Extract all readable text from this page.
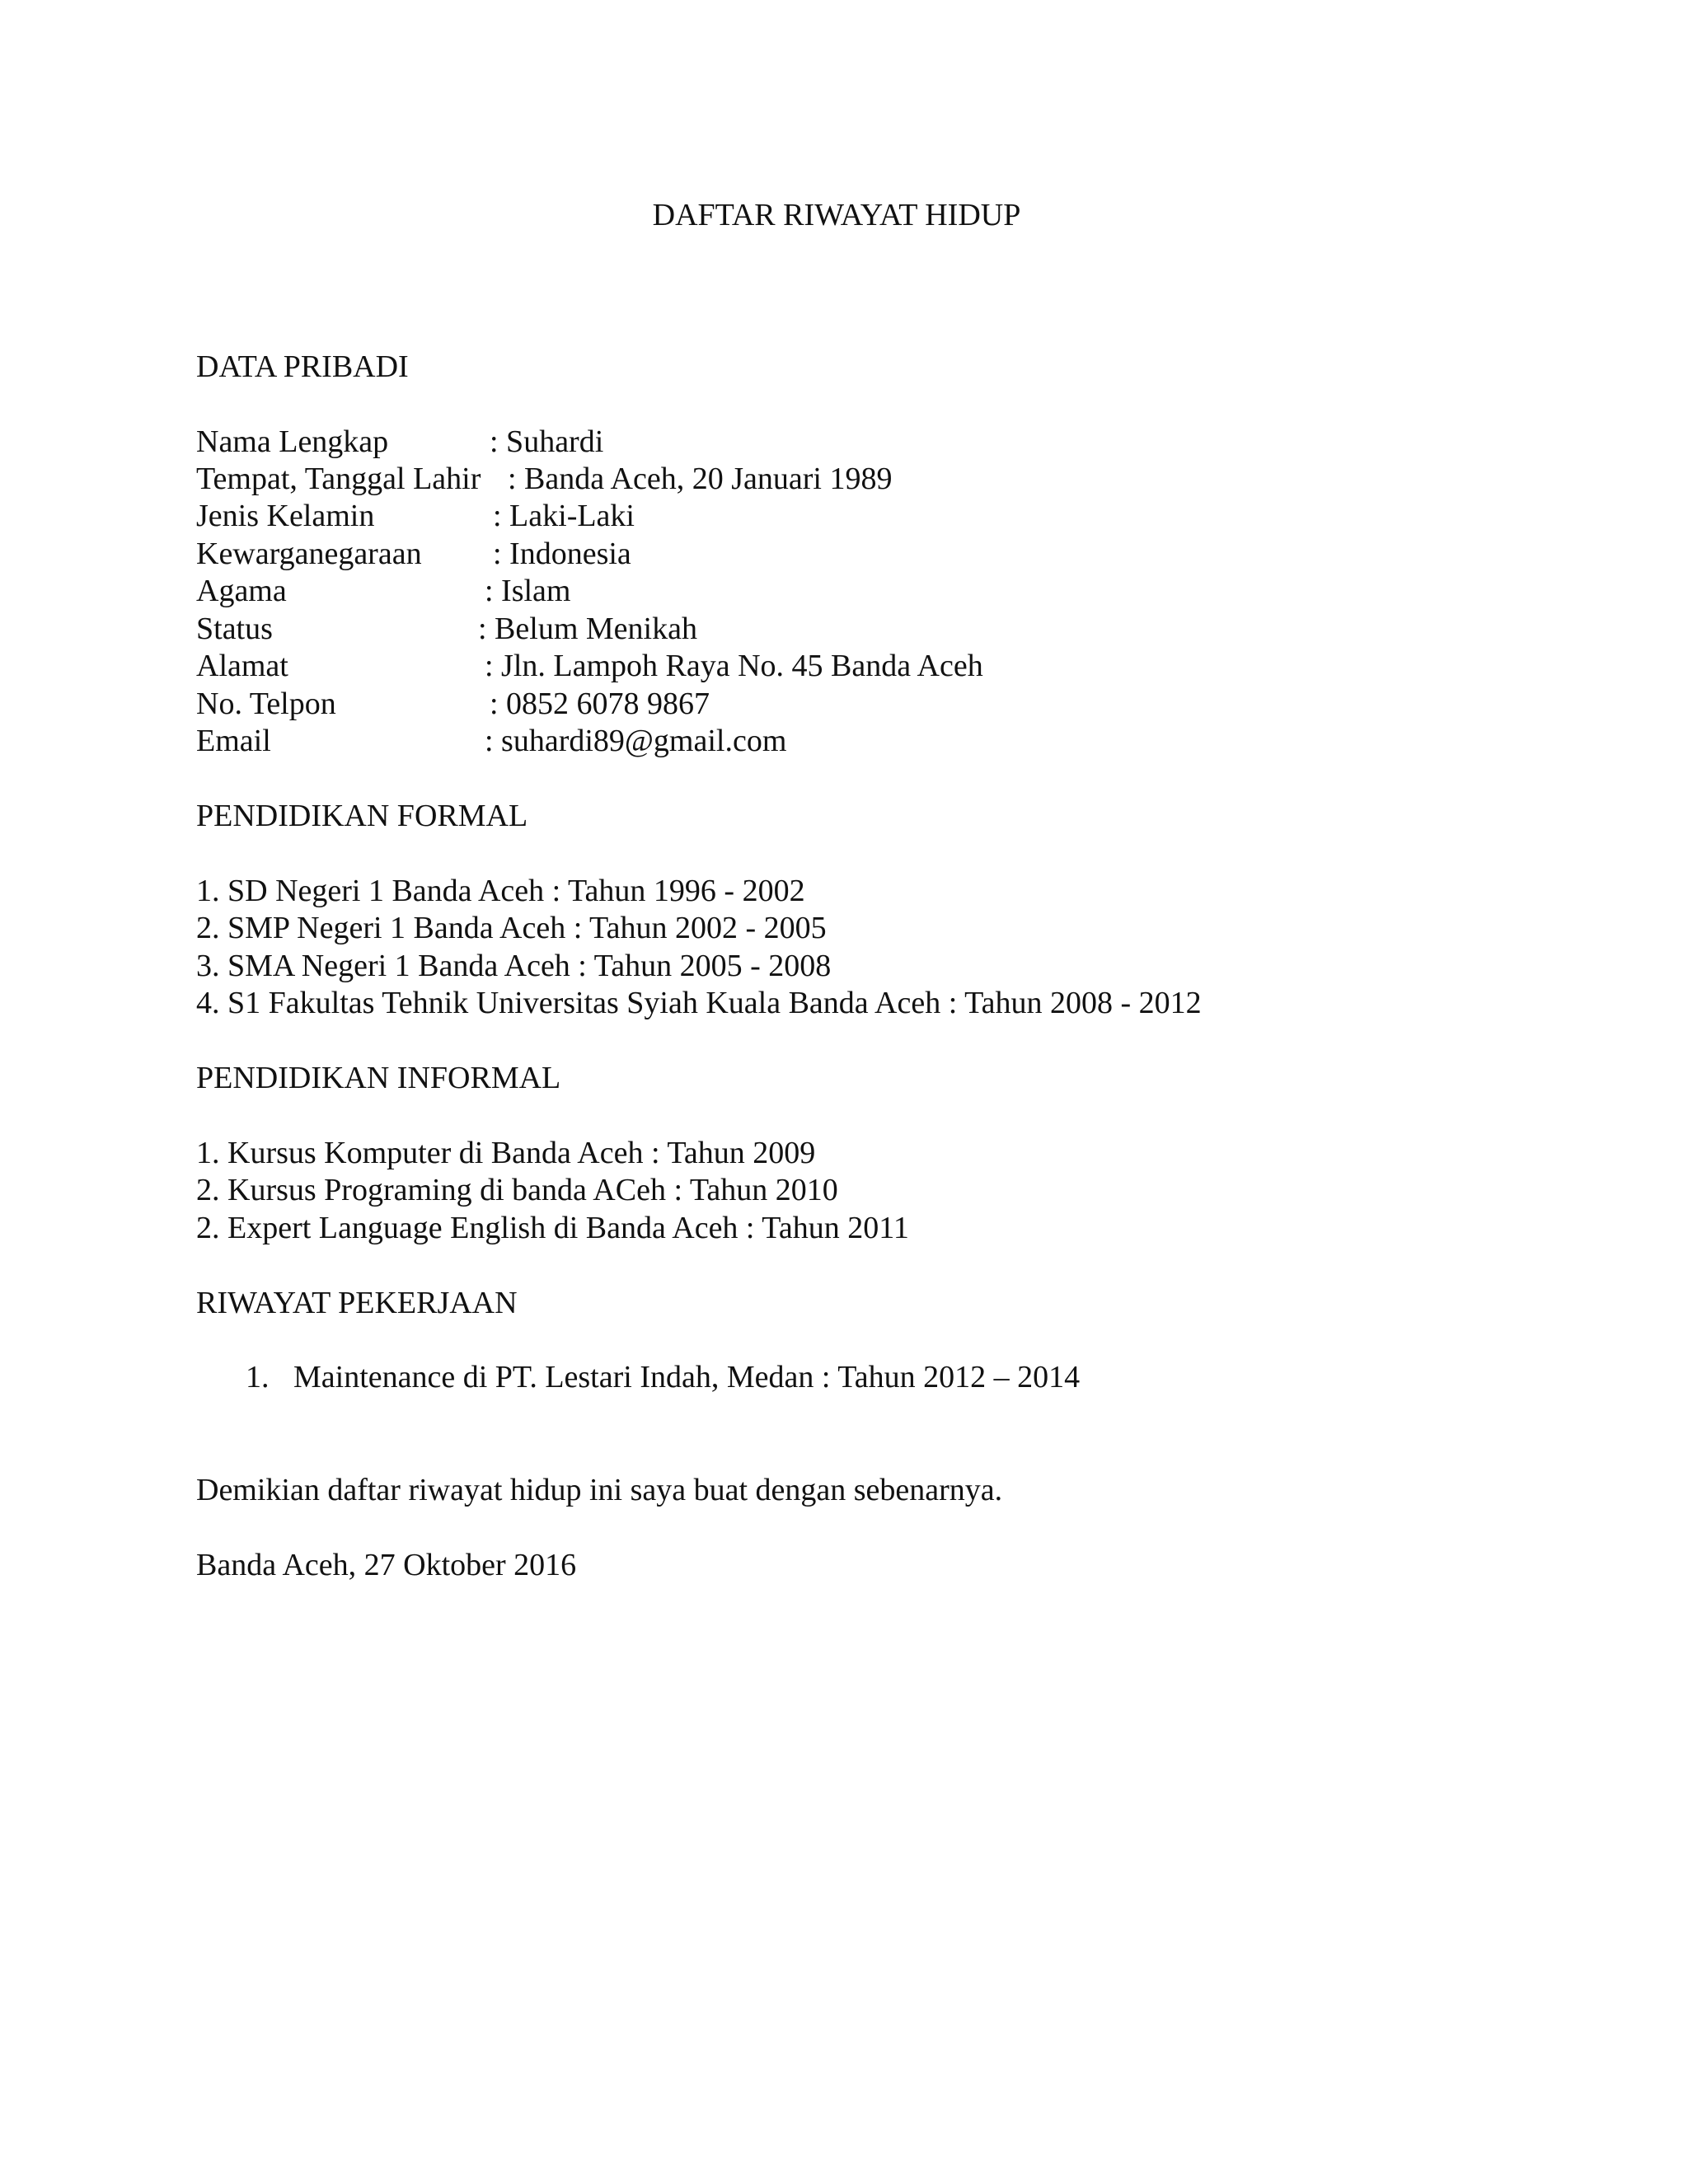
DAFTAR RIWAYAT HIDUP
DATA PRIBADI
Nama Lengkap	: Suhardi
Tempat, Tanggal Lahir : Banda Aceh, 20 Januari 1989
Jenis Kelamin	: Laki-Laki
Kewarganegaraan : Indonesia
Agama	: Islam
Status	: Belum Menikah
Alamat	: Jln. Lampoh Raya No. 45 Banda Aceh
No. Telpon	: 0852 6078 9867
Email	: suhardi89@gmail.com
PENDIDIKAN FORMAL
1. SD Negeri 1 Banda Aceh : Tahun 1996 - 2002
2. SMP Negeri 1 Banda Aceh : Tahun 2002 - 2005
3. SMA Negeri 1 Banda Aceh : Tahun 2005 - 2008
4. S1 Fakultas Tehnik Universitas Syiah Kuala Banda Aceh : Tahun 2008 - 2012
PENDIDIKAN INFORMAL
1. Kursus Komputer di Banda Aceh : Tahun 2009
2. Kursus Programing di banda ACeh : Tahun 2010
2. Expert Language English di Banda Aceh : Tahun 2011
RIWAYAT PEKERJAAN
1. Maintenance di PT. Lestari Indah, Medan : Tahun 2012 – 2014
Demikian daftar riwayat hidup ini saya buat dengan sebenarnya.
Banda Aceh, 27 Oktober 2016
